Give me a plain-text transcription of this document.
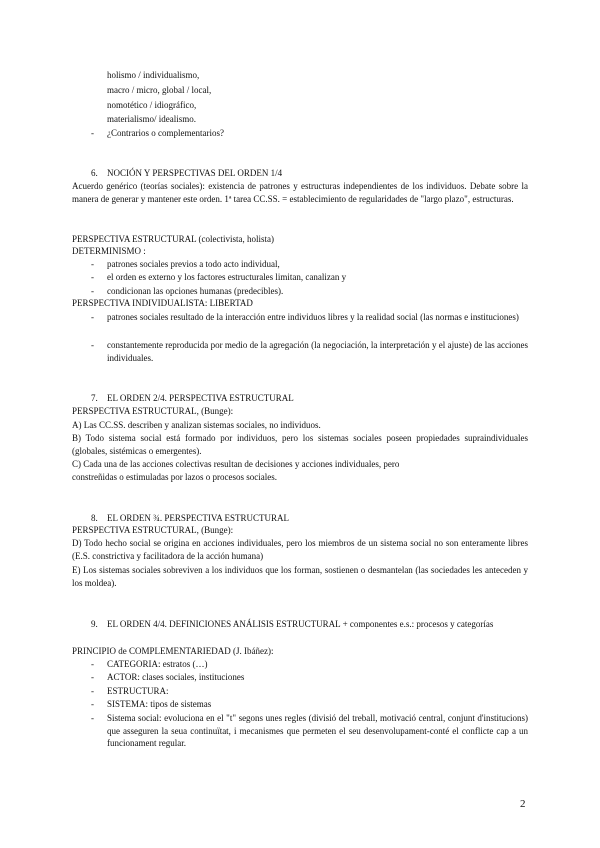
holismo / individualismo,
macro / micro, global / local,
nomotético / idiográfico,
materialismo/ idealismo.
- ¿Contrarios o complementarios?
6. NOCIÓN Y PERSPECTIVAS DEL ORDEN 1/4
Acuerdo genérico (teorías sociales): existencia de patrones y estructuras independientes de los individuos. Debate sobre la manera de generar y mantener este orden. 1ª tarea CC.SS. = establecimiento de regularidades de "largo plazo", estructuras.
PERSPECTIVA ESTRUCTURAL (colectivista, holista)
DETERMINISMO :
- patrones sociales previos a todo acto individual,
- el orden es externo y los factores estructurales limitan, canalizan y
- condicionan las opciones humanas (predecibles).
PERSPECTIVA INDIVIDUALISTA: LIBERTAD
- patrones sociales resultado de la interacción entre individuos libres y la realidad social (las normas e instituciones)
- constantemente reproducida por medio de la agregación (la negociación, la interpretación y el ajuste) de las acciones individuales.
7. EL ORDEN 2/4. PERSPECTIVA ESTRUCTURAL
PERSPECTIVA ESTRUCTURAL, (Bunge):
A) Las CC.SS. describen y analizan sistemas sociales, no individuos.
B) Todo sistema social está formado por individuos, pero los sistemas sociales poseen propiedades supraindividuales (globales, sistémicas o emergentes).
C) Cada una de las acciones colectivas resultan de decisiones y acciones individuales, pero
constreñidas o estimuladas por lazos o procesos sociales.
8. EL ORDEN ¾. PERSPECTIVA ESTRUCTURAL
PERSPECTIVA ESTRUCTURAL, (Bunge):
D) Todo hecho social se origina en acciones individuales, pero los miembros de un sistema social no son enteramente libres (E.S. constrictiva y facilitadora de la acción humana)
E) Los sistemas sociales sobreviven a los individuos que los forman, sostienen o desmantelan (las sociedades les anteceden y los moldea).
9. EL ORDEN 4/4. DEFINICIONES ANÁLISIS ESTRUCTURAL + componentes e.s.: procesos y categorías
PRINCIPIO de COMPLEMENTARIEDAD (J. Ibáñez):
- CATEGORIA: estratos (…)
- ACTOR: clases sociales, instituciones
- ESTRUCTURA:
- SISTEMA: tipos de sistemas
- Sistema social: evoluciona en el "t" segons unes regles (divisió del treball, motivació central, conjunt d'institucions) que asseguren la seua continuïtat, i mecanismes que permeten el seu desenvolupament-conté el conflicte cap a un funcionament regular.
2
